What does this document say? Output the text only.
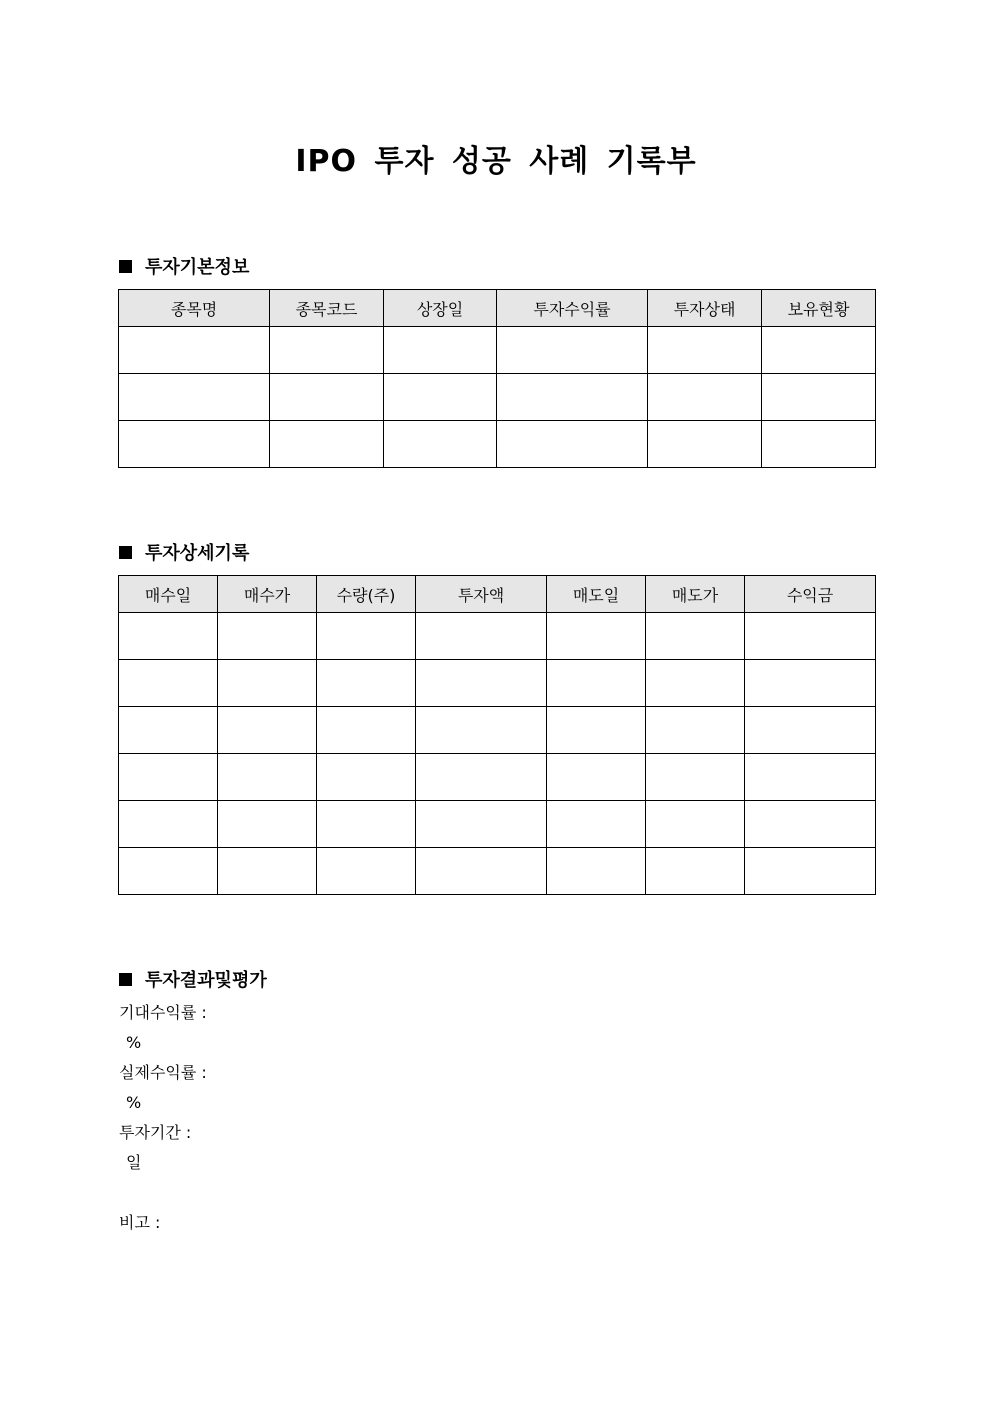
IPO 투자 성공 사례 기록부
투자기본정보
종목명	종목코드	상장일	투자수익률	투자상태	보유현황

투자상세기록
매수일	매수가	수량(주)	투자액	매도일	매도가	수익금

투자결과및평가
기대수익률 :
%
실제수익률 :
%
투자기간 :
일
비고 :
